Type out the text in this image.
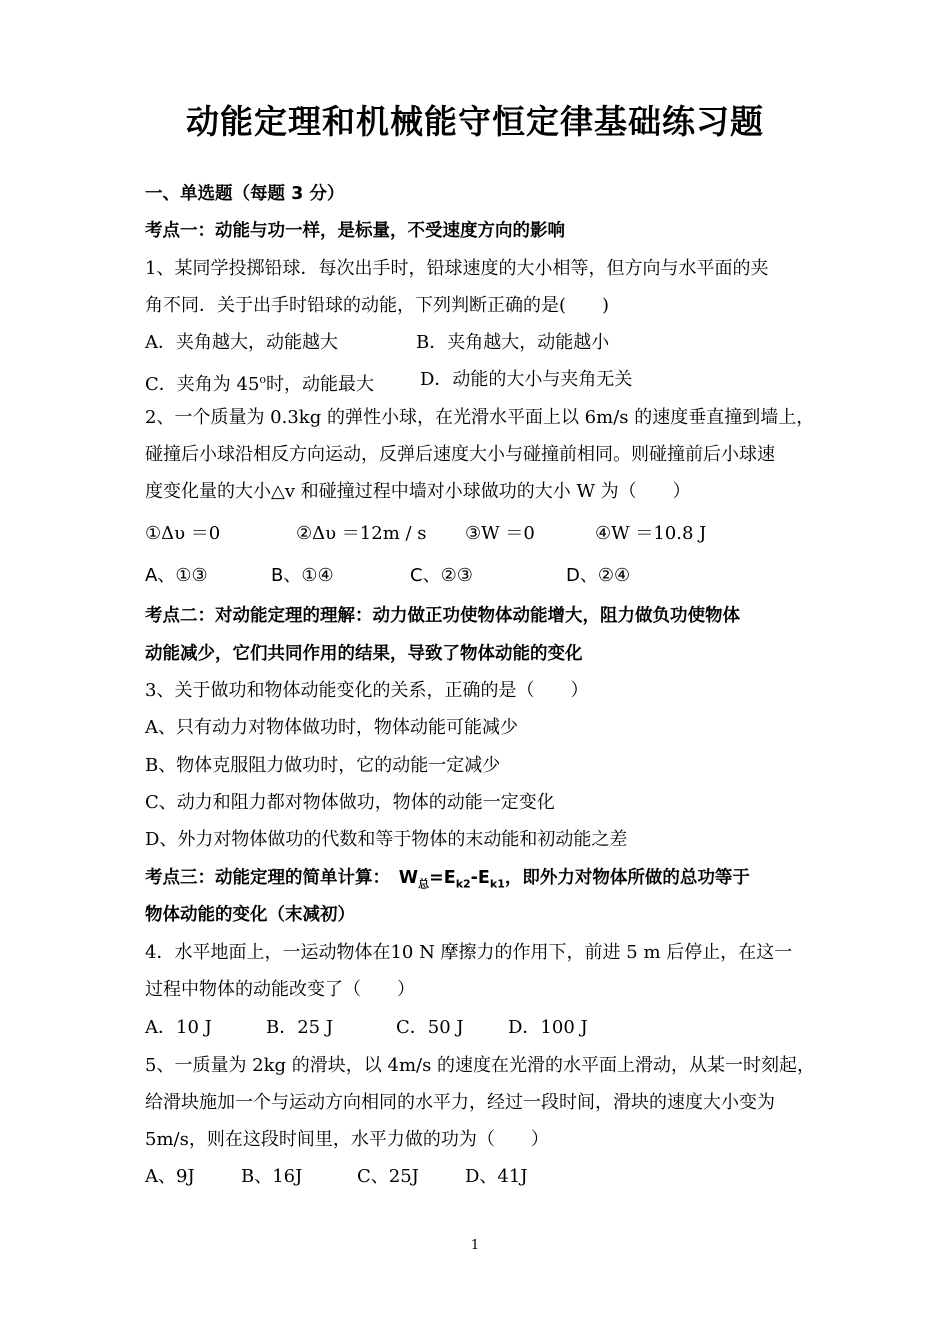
动能定理和机械能守恒定律基础练习题
一、单选题（每题 3 分）
考点一：动能与功一样，是标量，不受速度方向的影响
1、某同学投掷铅球．每次出手时，铅球速度的大小相等，但方向与水平面的夹
角不同．关于出手时铅球的动能，下列判断正确的是(　　)
A．夹角越大，动能越大	B．夹角越大，动能越小
C．夹角为 45$^o$时，动能最大	D．动能的大小与夹角无关
2、一个质量为 0.3kg 的弹性小球，在光滑水平面上以 6m/s 的速度垂直撞到墙上，
碰撞后小球沿相反方向运动，反弹后速度大小与碰撞前相同。则碰撞前后小球速
度变化量的大小△v 和碰撞过程中墙对小球做功的大小 W 为（　　）
①Δυ ＝0	②Δυ ＝12m / s ③W ＝0	④W ＝10.8 J
A、①③	B、①④	C、②③	D、②④
考点二：对动能定理的理解：动力做正功使物体动能增大，阻力做负功使物体
动能减少，它们共同作用的结果，导致了物体动能的变化
3、关于做功和物体动能变化的关系，正确的是（　　）
A、只有动力对物体做功时，物体动能可能减少
B、物体克服阻力做功时，它的动能一定减少
C、动力和阻力都对物体做功，物体的动能一定变化
D、外力对物体做功的代数和等于物体的末动能和初动能之差
考点三：动能定理的简单计算：　$W_总=E_{k2}-E_{k1}$，即外力对物体所做的总功等于
物体动能的变化（末减初）
4．水平地面上，一运动物体在10 N 摩擦力的作用下，前进 5 m 后停止，在这一
过程中物体的动能改变了（　　）
A．10 J	B．25 J	C．50 J D．100 J
5、一质量为 2kg 的滑块，以 4m/s 的速度在光滑的水平面上滑动，从某一时刻起，
给滑块施加一个与运动方向相同的水平力，经过一段时间，滑块的速度大小变为
5m/s，则在这段时间里，水平力做的功为（　　）
A、9J	B、16J	C、25J	D、41J
1
